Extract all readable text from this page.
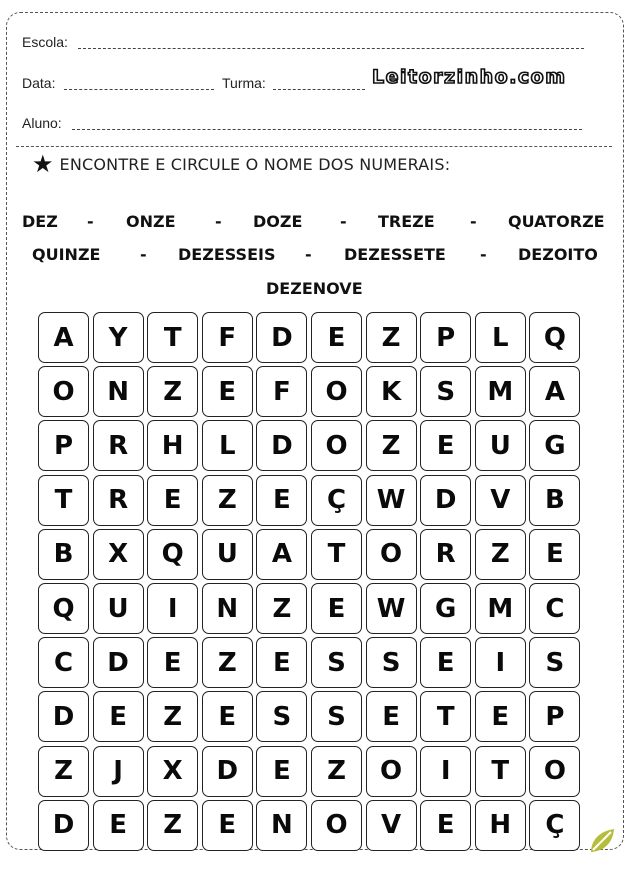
Escola:
Data:	Turma:	Leitorzinho.com
Aluno:
★ ENCONTRE E CIRCULE O NOME DOS NUMERAIS:
DEZ - ONZE - DOZE - TREZE - QUATORZE
QUINZE - DEZESSEIS - DEZESSETE - DEZOITO
DEZENOVE
A	Y	T	F	D	E	Z	P	L	Q
O	N	Z	E	F	O	K	S	M	A
P	R	H	L	D	O	Z	E	U	G
T	R	E	Z	E	Ç	W	D	V	B
B	X	Q	U	A	T	O	R	Z	E
Q	U	I	N	Z	E	W	G	M	C
C	D	E	Z	E	S	S	E	I	S
D	E	Z	E	S	S	E	T	E	P
Z	J	X	D	E	Z	O	I	T	O
D	E	Z	E	N	O	V	E	H	Ç
